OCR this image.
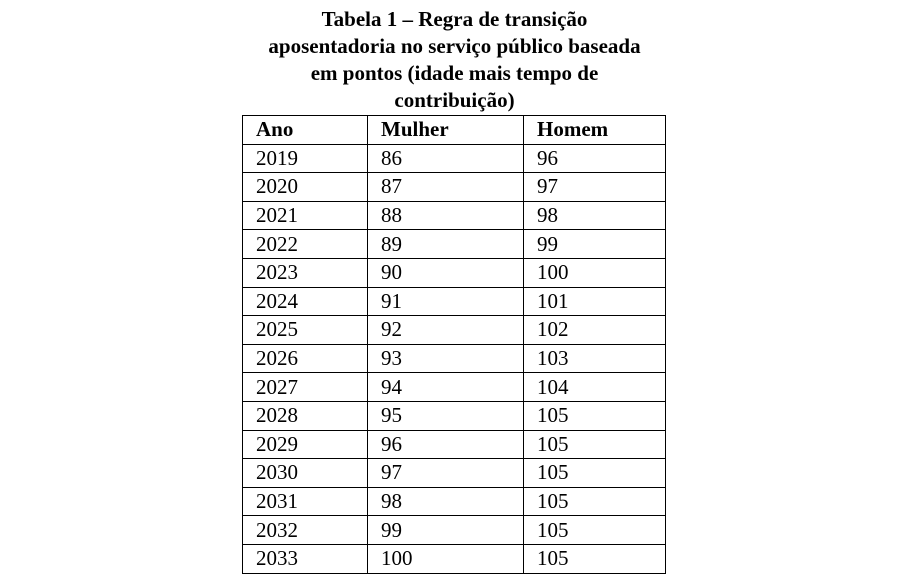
Tabela 1 – Regra de transição
aposentadoria no serviço público baseada
em pontos (idade mais tempo de
contribuição)
Ano	Mulher	Homem
2019	86	96
2020	87	97
2021	88	98
2022	89	99
2023	90	100
2024	91	101
2025	92	102
2026	93	103
2027	94	104
2028	95	105
2029	96	105
2030	97	105
2031	98	105
2032	99	105
2033	100	105
